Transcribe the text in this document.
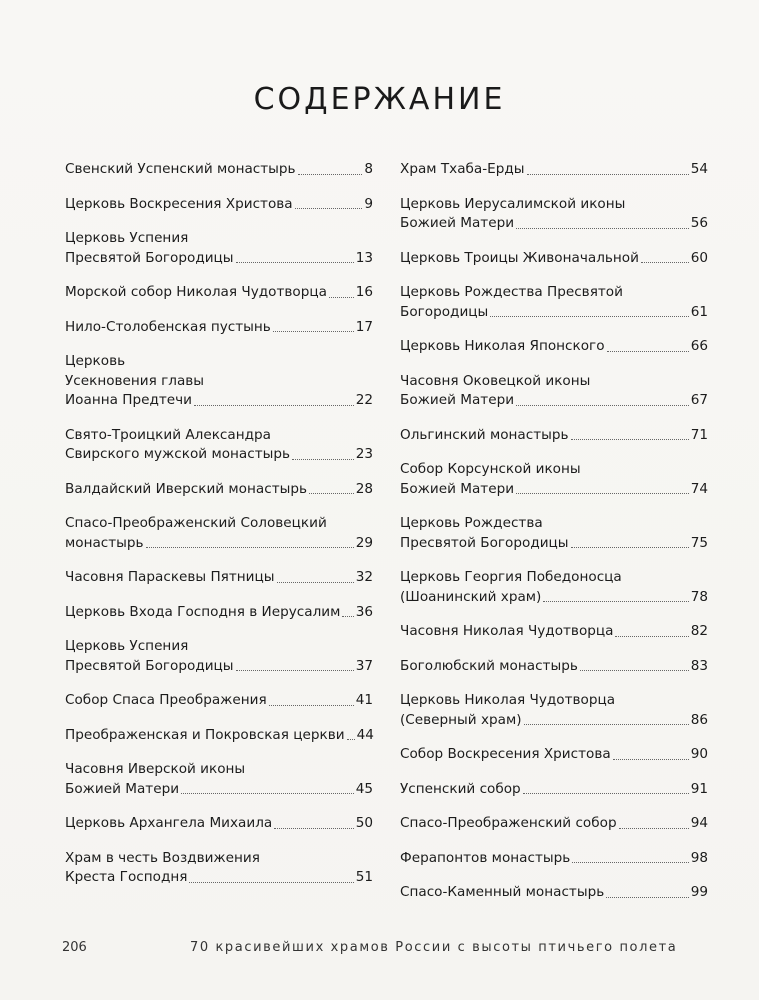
СОДЕРЖАНИЕ
Свенский Успенский монастырь	8
Церковь Воскресения Христова	9
Церковь Успения
Пресвятой Богородицы	13
Морской собор Николая Чудотворца 16
Нило-Столобенская пустынь	17
Церковь
Усекновения главы
Иоанна Предтечи	22
Свято-Троицкий Александра
Свирского мужской монастырь	23
Валдайский Иверский монастырь	28
Спасо-Преображенский Соловецкий
монастырь	29
Часовня Параскевы Пятницы	32
Церковь Входа Господня в Иерусалим 36
Церковь Успения
Пресвятой Богородицы	37
Собор Спаса Преображения	41
Преображенская и Покровская церкви 44
Часовня Иверской иконы
Божией Матери	45
Церковь Архангела Михаила	50
Храм в честь Воздвижения
Креста Господня	51
Храм Тхаба-Ерды	54
Церковь Иерусалимской иконы
Божией Матери	56
Церковь Троицы Живоначальной	60
Церковь Рождества Пресвятой
Богородицы	61
Церковь Николая Японского	66
Часовня Оковецкой иконы
Божией Матери	67
Ольгинский монастырь	71
Собор Корсунской иконы
Божией Матери	74
Церковь Рождества
Пресвятой Богородицы	75
Церковь Георгия Победоносца
(Шоанинский храм)	78
Часовня Николая Чудотворца	82
Боголюбский монастырь	83
Церковь Николая Чудотворца
(Северный храм)	86
Собор Воскресения Христова	90
Успенский собор	91
Спасо-Преображенский собор	94
Ферапонтов монастырь	98
Спасо-Каменный монастырь	99
206	70 красивейших храмов России с высоты птичьего полета
